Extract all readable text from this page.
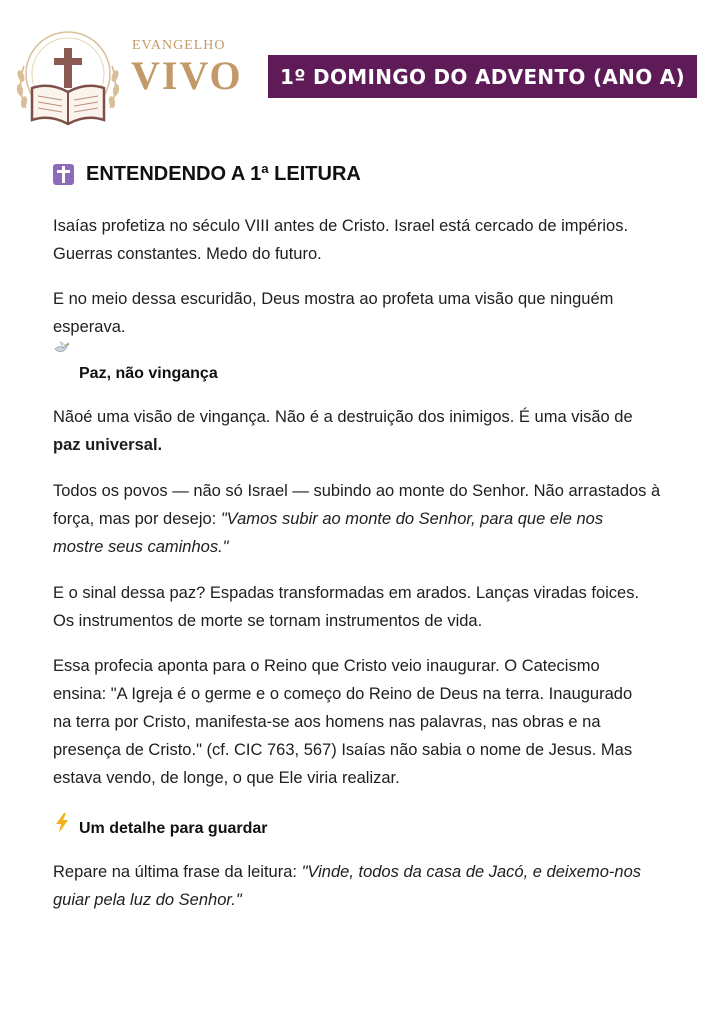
EVANGELHO
VIVO	1º DOMINGO DO ADVENTO (ANO A)
ENTENDENDO A 1ª LEITURA
Isaías profetiza no século VIII antes de Cristo. Israel está cercado de impérios.
Guerras constantes. Medo do futuro.
E no meio dessa escuridão, Deus mostra ao profeta uma visão que ninguém
esperava.
Paz, não vingança
Nãoé uma visão de vingança. Não é a destruição dos inimigos. É uma visão de
paz universal.
Todos os povos — não só Israel — subindo ao monte do Senhor. Não arrastados à
força, mas por desejo: "Vamos subir ao monte do Senhor, para que ele nos
mostre seus caminhos."
E o sinal dessa paz? Espadas transformadas em arados. Lanças viradas foices.
Os instrumentos de morte se tornam instrumentos de vida.
Essa profecia aponta para o Reino que Cristo veio inaugurar. O Catecismo
ensina: "A Igreja é o germe e o começo do Reino de Deus na terra. Inaugurado
na terra por Cristo, manifesta-se aos homens nas palavras, nas obras e na
presença de Cristo." (cf. CIC 763, 567) Isaías não sabia o nome de Jesus. Mas
estava vendo, de longe, o que Ele viria realizar.
Um detalhe para guardar
Repare na última frase da leitura: "Vinde, todos da casa de Jacó, e deixemo-nos
guiar pela luz do Senhor."
